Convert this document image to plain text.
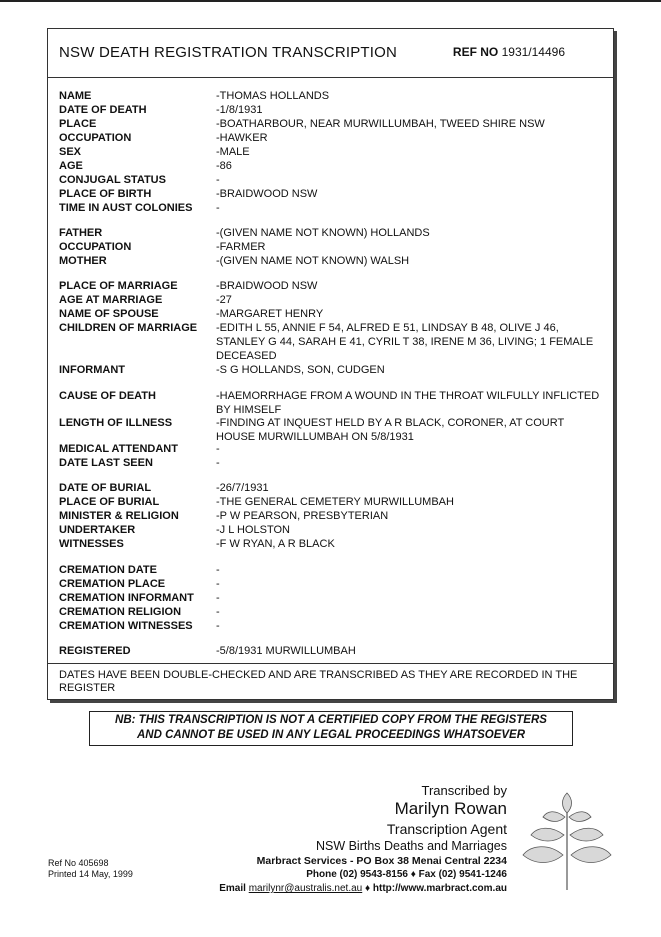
NSW DEATH REGISTRATION TRANSCRIPTION	REF NO 1931/14496
NAME	-THOMAS HOLLANDS
DATE OF DEATH	-1/8/1931
PLACE	-BOATHARBOUR, NEAR MURWILLUMBAH, TWEED SHIRE NSW
OCCUPATION	-HAWKER
SEX	-MALE
AGE	-86
CONJUGAL STATUS	-
PLACE OF BIRTH	-BRAIDWOOD NSW
TIME IN AUST COLONIES	-
FATHER	-(GIVEN NAME NOT KNOWN) HOLLANDS
OCCUPATION	-FARMER
MOTHER	-(GIVEN NAME NOT KNOWN) WALSH
PLACE OF MARRIAGE	-BRAIDWOOD NSW
AGE AT MARRIAGE	-27
NAME OF SPOUSE	-MARGARET HENRY
CHILDREN OF MARRIAGE	-EDITH L 55, ANNIE F 54, ALFRED E 51, LINDSAY B 48, OLIVE J 46, STANLEY G 44, SARAH E 41, CYRIL T 38, IRENE M 36, LIVING; 1 FEMALE DECEASED
INFORMANT	-S G HOLLANDS, SON, CUDGEN
CAUSE OF DEATH	-HAEMORRHAGE FROM A WOUND IN THE THROAT WILFULLY INFLICTED BY HIMSELF
LENGTH OF ILLNESS	-FINDING AT INQUEST HELD BY A R BLACK, CORONER, AT COURT HOUSE MURWILLUMBAH ON 5/8/1931
MEDICAL ATTENDANT	-
DATE LAST SEEN	-
DATE OF BURIAL	-26/7/1931
PLACE OF BURIAL	-THE GENERAL CEMETERY MURWILLUMBAH
MINISTER & RELIGION	-P W PEARSON, PRESBYTERIAN
UNDERTAKER	-J L HOLSTON
WITNESSES	-F W RYAN, A R BLACK
CREMATION DATE	-
CREMATION PLACE	-
CREMATION INFORMANT	-
CREMATION RELIGION	-
CREMATION WITNESSES	-
REGISTERED	-5/8/1931 MURWILLUMBAH
DATES HAVE BEEN DOUBLE-CHECKED AND ARE TRANSCRIBED AS THEY ARE RECORDED IN THE REGISTER
NB: THIS TRANSCRIPTION IS NOT A CERTIFIED COPY FROM THE REGISTERS
AND CANNOT BE USED IN ANY LEGAL PROCEEDINGS WHATSOEVER
Transcribed by
Marilyn Rowan
Transcription Agent
NSW Births Deaths and Marriages
Marbract Services - PO Box 38 Menai Central 2234
Phone (02) 9543-8156 ♦ Fax (02) 9541-1246
Email marilynr@australis.net.au ♦ http://www.marbract.com.au
Ref No 405698
Printed 14 May, 1999
